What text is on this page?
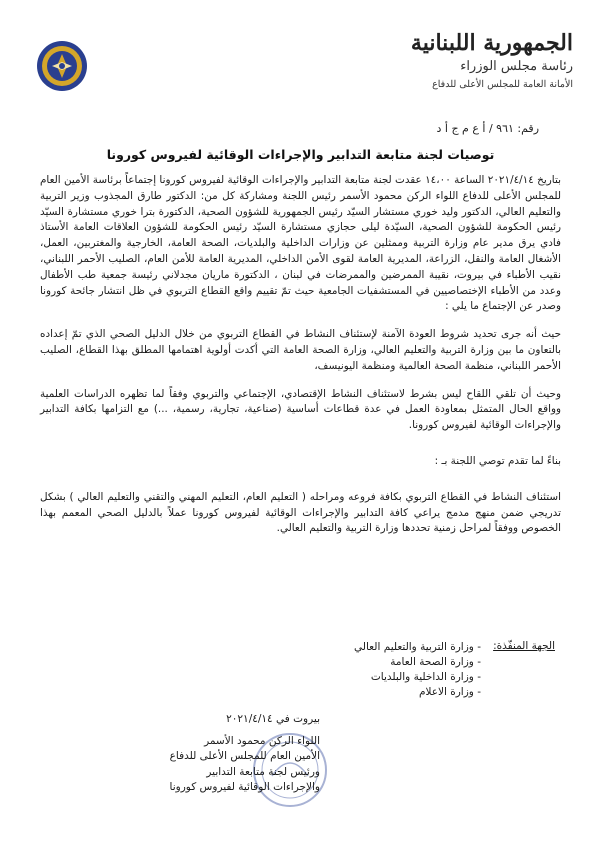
الجمهورية اللبنانية
رئاسة مجلس الوزراء
الأمانة العامة للمجلس الأعلى للدفاع
رقم: ٩٦١ / أ ع م ج أ د
توصيات لجنة متابعة التدابير والإجراءات الوقائية لفيروس كورونا

بتاريخ ٢٠٢١/٤/١٤ الساعة ١٤،٠٠ عقدت لجنة متابعة التدابير والإجراءات الوقائية لفيروس كورونا إجتماعاً برئاسة الأمين العام للمجلس الأعلى للدفاع اللواء الركن محمود الأسمر رئيس اللجنة ومشاركة كل من: الدكتور طارق المجذوب وزير التربية والتعليم العالي، الدكتور وليد خوري مستشار السيّد رئيس الجمهورية للشؤون الصحية، الدكتورة بترا خوري مستشارة السيّد رئيس الحكومة للشؤون الصحية، السيّدة ليلى حجازي مستشارة السيّد رئيس الحكومة للشؤون العلاقات العامة الأستاذ فادي يرق مدير عام وزارة التربية وممثلين عن وزارات الداخلية والبلديات، الصحة العامة، الخارجية والمغتربين، العمل، الأشغال العامة والنقل، الزراعة، المديرية العامة لقوى الأمن الداخلي، المديرية العامة للأمن العام، الصليب الأحمر اللبناني، نقيب الأطباء في بيروت، نقيبة الممرضين والممرضات في لبنان ، الدكتورة ماريان مجدلاني رئيسة جمعية طب الأطفال وعدد من الأطباء الإختصاصيين في المستشفيات الجامعية حيث تمّ تقييم واقع القطاع التربوي في ظل انتشار جائحة كورونا وصدر عن الإجتماع ما يلي :

حيث أنه جرى تحديد شروط العودة الآمنة لإستئناف النشاط في القطاع التربوي من خلال الدليل الصحي الذي تمّ إعداده بالتعاون ما بين وزارة التربية والتعليم العالي، وزارة الصحة العامة التي أكدت أولوية اهتمامها المطلق بهذا القطاع، الصليب الأحمر اللبناني، منظمة الصحة العالمية ومنظمة اليونيسف،

وحيث أن تلقي اللقاح ليس بشرط لاستئناف النشاط الإقتصادي، الإجتماعي والتربوي وفقاً لما تظهره الدراسات العلمية وواقع الحال المتمثل بمعاودة العمل في عدة قطاعات أساسية (صناعية، تجارية، رسمية، ...) مع التزامها بكافة التدابير والإجراءات الوقائية لفيروس كورونا.

بناءً لما تقدم توصي اللجنة بـ :

استئناف النشاط في القطاع التربوي بكافة فروعه ومراحله ( التعليم العام، التعليم المهني والتقني والتعليم العالي ) بشكل تدريجي ضمن منهج مدمج يراعي كافة التدابير والإجراءات الوقائية لفيروس كورونا عملاً بالدليل الصحي المعمم بهذا الخصوص ووفقاً لمراحل زمنية تحددها وزارة التربية والتعليم العالي.

الجهة المنفّذة:
- وزارة التربية والتعليم العالي
- وزارة الصحة العامة
- وزارة الداخلية والبلديات
- وزارة الاعلام
بيروت في ٢٠٢١/٤/١٤
اللواء الركن محمود الأسمر
الأمين العام للمجلس الأعلى للدفاع
ورئيس لجنة متابعة التدابير
والإجراءات الوقائية لفيروس كورونا
